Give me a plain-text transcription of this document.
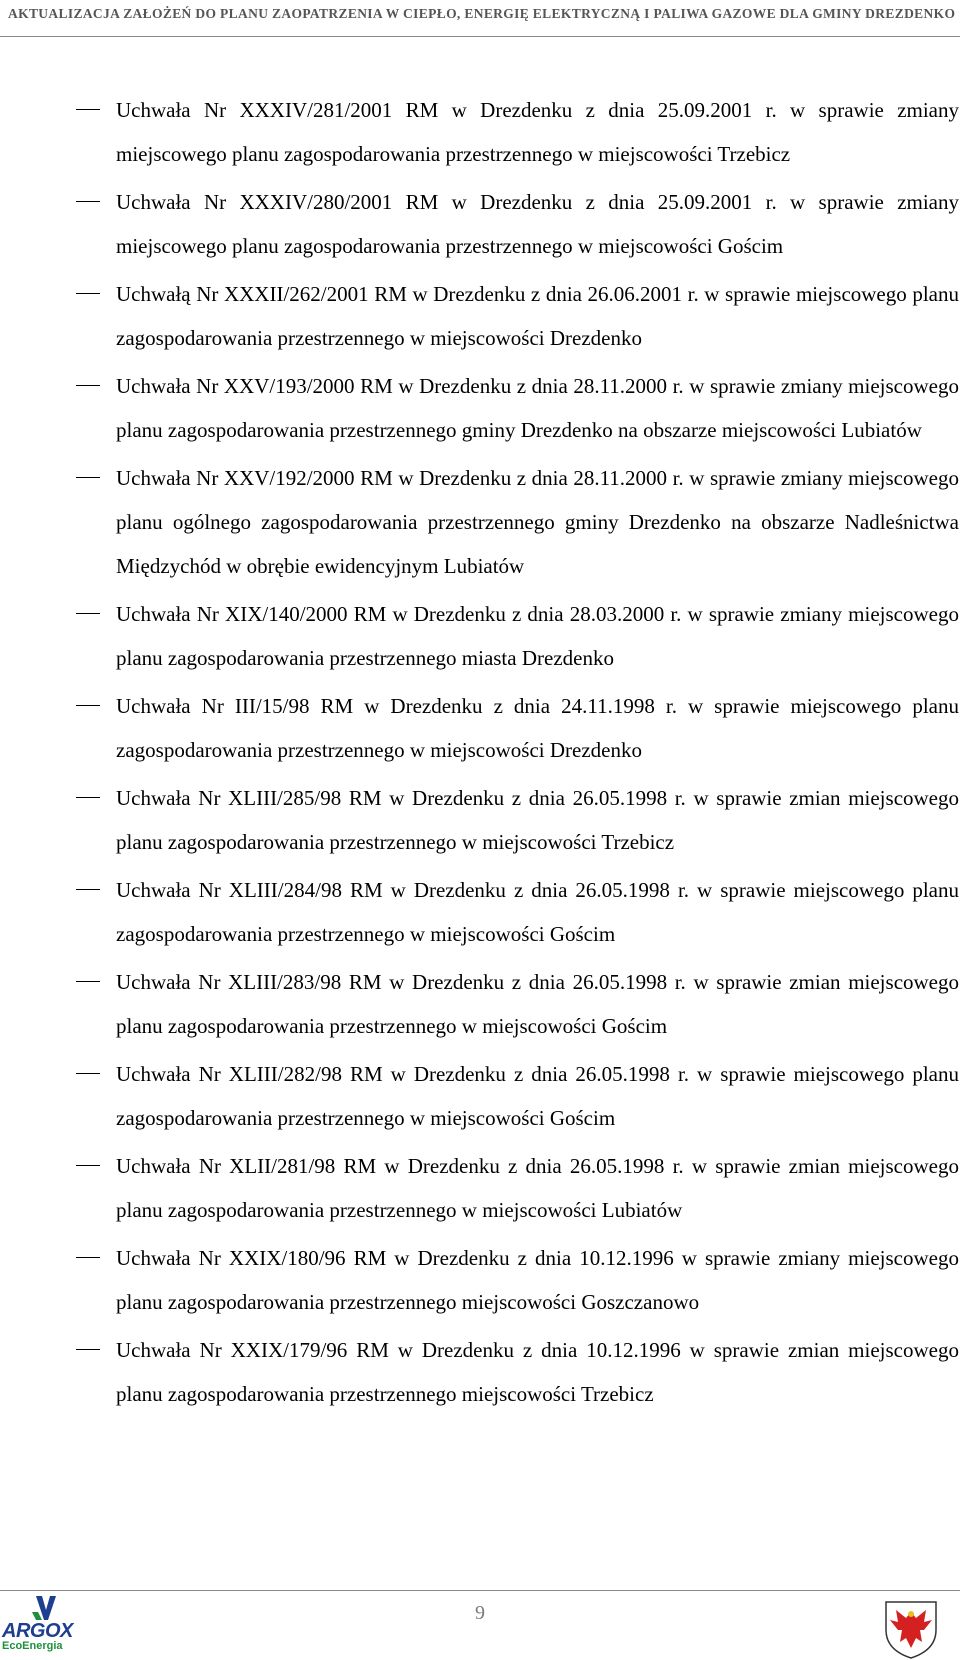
AKTUALIZACJA ZAŁOŻEŃ DO PLANU ZAOPATRZENIA W CIEPŁO, ENERGIĘ ELEKTRYCZNĄ I PALIWA GAZOWE DLA GMINY DREZDENKO
Uchwała Nr XXXIV/281/2001 RM w Drezdenku z dnia 25.09.2001 r. w sprawie zmiany miejscowego planu zagospodarowania przestrzennego w miejscowości Trzebicz
Uchwała Nr XXXIV/280/2001 RM w Drezdenku z dnia 25.09.2001 r. w sprawie zmiany miejscowego planu zagospodarowania przestrzennego w miejscowości Gościm
Uchwałą Nr XXXII/262/2001 RM w Drezdenku z dnia 26.06.2001 r. w sprawie miejscowego planu zagospodarowania przestrzennego w miejscowości Drezdenko
Uchwała Nr XXV/193/2000 RM w Drezdenku z dnia 28.11.2000 r. w sprawie zmiany miejscowego planu zagospodarowania przestrzennego gminy Drezdenko na obszarze miejscowości Lubiatów
Uchwała Nr XXV/192/2000 RM w Drezdenku z dnia 28.11.2000 r. w sprawie zmiany miejscowego planu ogólnego zagospodarowania przestrzennego gminy Drezdenko na obszarze Nadleśnictwa Międzychód w obrębie ewidencyjnym Lubiatów
Uchwała Nr XIX/140/2000 RM w Drezdenku z dnia 28.03.2000 r. w sprawie zmiany miejscowego planu zagospodarowania przestrzennego miasta Drezdenko
Uchwała Nr III/15/98 RM w Drezdenku z dnia 24.11.1998 r. w sprawie miejscowego planu zagospodarowania przestrzennego w miejscowości Drezdenko
Uchwała Nr XLIII/285/98 RM w Drezdenku z dnia 26.05.1998 r. w sprawie zmian miejscowego planu zagospodarowania przestrzennego w miejscowości Trzebicz
Uchwała Nr XLIII/284/98 RM w Drezdenku z dnia 26.05.1998 r. w sprawie miejscowego planu zagospodarowania przestrzennego w miejscowości Gościm
Uchwała Nr XLIII/283/98 RM w Drezdenku z dnia 26.05.1998 r. w sprawie zmian miejscowego planu zagospodarowania przestrzennego w miejscowości Gościm
Uchwała Nr XLIII/282/98 RM w Drezdenku z dnia 26.05.1998 r. w sprawie miejscowego planu zagospodarowania przestrzennego w miejscowości Gościm
Uchwała Nr XLII/281/98 RM w Drezdenku z dnia 26.05.1998 r. w sprawie zmian miejscowego planu zagospodarowania przestrzennego w miejscowości Lubiatów
Uchwała Nr XXIX/180/96 RM w Drezdenku z dnia 10.12.1996 w sprawie zmiany miejscowego planu zagospodarowania przestrzennego miejscowości Goszczanowo
Uchwała Nr XXIX/179/96 RM w Drezdenku z dnia 10.12.1996 w sprawie zmian miejscowego planu zagospodarowania przestrzennego miejscowości Trzebicz
ARGOX
EcoEnergia
9
